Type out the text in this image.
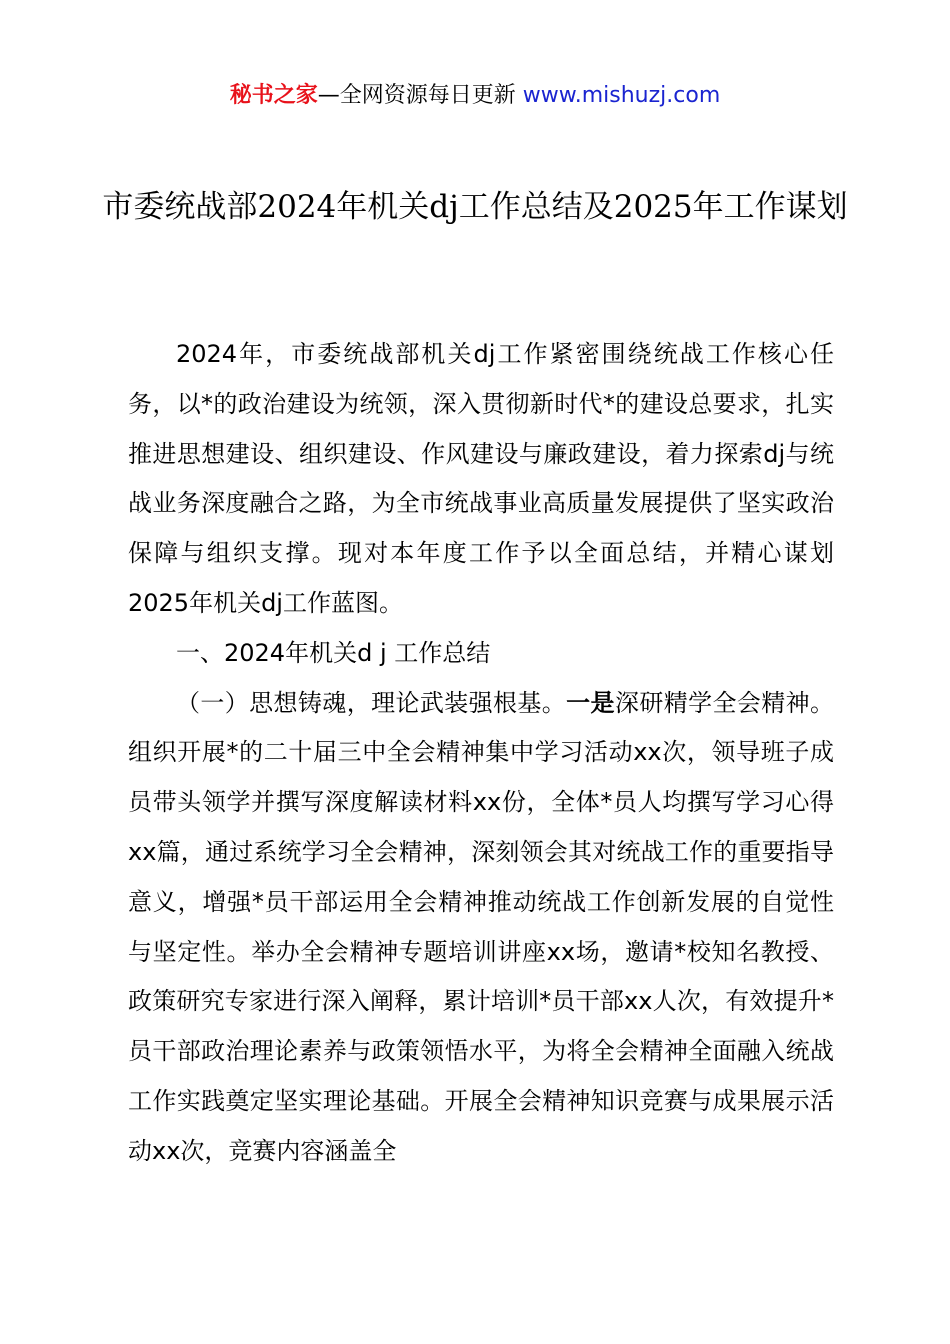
秘书之家—全网资源每日更新 www.mishuzj.com
市委统战部2024年机关dj工作总结及2025年工作谋划

2024年，市委统战部机关dj工作紧密围绕统战工作核心任务，以*的政治建设为统领，深入贯彻新时代*的建设总要求，扎实推进思想建设、组织建设、作风建设与廉政建设，着力探索dj与统战业务深度融合之路，为全市统战事业高质量发展提供了坚实政治保障与组织支撑。现对本年度工作予以全面总结，并精心谋划2025年机关dj工作蓝图。

一、2024年机关d j 工作总结

（一）思想铸魂，理论武装强根基。一是深研精学全会精神。组织开展*的二十届三中全会精神集中学习活动xx次，领导班子成员带头领学并撰写深度解读材料xx份，全体*员人均撰写学习心得xx篇，通过系统学习全会精神，深刻领会其对统战工作的重要指导意义，增强*员干部运用全会精神推动统战工作创新发展的自觉性与坚定性。举办全会精神专题培训讲座xx场，邀请*校知名教授、政策研究专家进行深入阐释，累计培训*员干部xx人次，有效提升*员干部政治理论素养与政策领悟水平，为将全会精神全面融入统战工作实践奠定坚实理论基础。开展全会精神知识竞赛与成果展示活动xx次，竞赛内容涵盖全
